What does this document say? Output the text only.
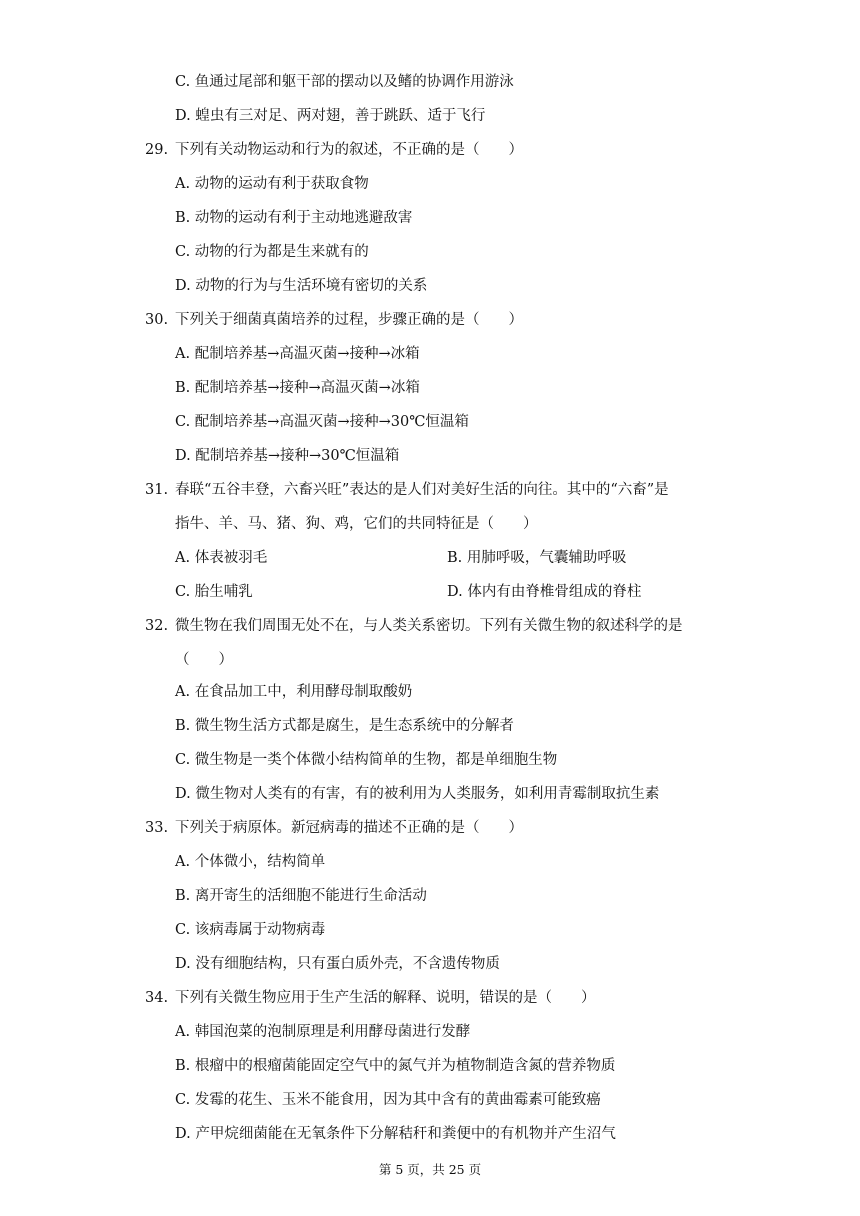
C. 鱼通过尾部和躯干部的摆动以及鳍的协调作用游泳
D. 蝗虫有三对足、两对翅，善于跳跃、适于飞行
29. 下列有关动物运动和行为的叙述，不正确的是（　　）
A. 动物的运动有利于获取食物
B. 动物的运动有利于主动地逃避敌害
C. 动物的行为都是生来就有的
D. 动物的行为与生活环境有密切的关系
30. 下列关于细菌真菌培养的过程，步骤正确的是（　　）
A. 配制培养基→高温灭菌→接种→冰箱
B. 配制培养基→接种→高温灭菌→冰箱
C. 配制培养基→高温灭菌→接种→30℃恒温箱
D. 配制培养基→接种→30℃恒温箱
31. 春联“五谷丰登，六畜兴旺”表达的是人们对美好生活的向往。其中的“六畜”是
指牛、羊、马、猪、狗、鸡，它们的共同特征是（　　）
A. 体表被羽毛	B. 用肺呼吸，气囊辅助呼吸
C. 胎生哺乳	D. 体内有由脊椎骨组成的脊柱
32. 微生物在我们周围无处不在，与人类关系密切。下列有关微生物的叙述科学的是
（　　）
A. 在食品加工中，利用酵母制取酸奶
B. 微生物生活方式都是腐生，是生态系统中的分解者
C. 微生物是一类个体微小结构简单的生物，都是单细胞生物
D. 微生物对人类有的有害，有的被利用为人类服务，如利用青霉制取抗生素
33. 下列关于病原体。新冠病毒的描述不正确的是（　　）
A. 个体微小，结构简单
B. 离开寄生的活细胞不能进行生命活动
C. 该病毒属于动物病毒
D. 没有细胞结构，只有蛋白质外壳，不含遗传物质
34. 下列有关微生物应用于生产生活的解释、说明，错误的是（　　）
A. 韩国泡菜的泡制原理是利用酵母菌进行发酵
B. 根瘤中的根瘤菌能固定空气中的氮气并为植物制造含氮的营养物质
C. 发霉的花生、玉米不能食用，因为其中含有的黄曲霉素可能致癌
D. 产甲烷细菌能在无氧条件下分解秸秆和粪便中的有机物并产生沼气
第 5 页，共 25 页
